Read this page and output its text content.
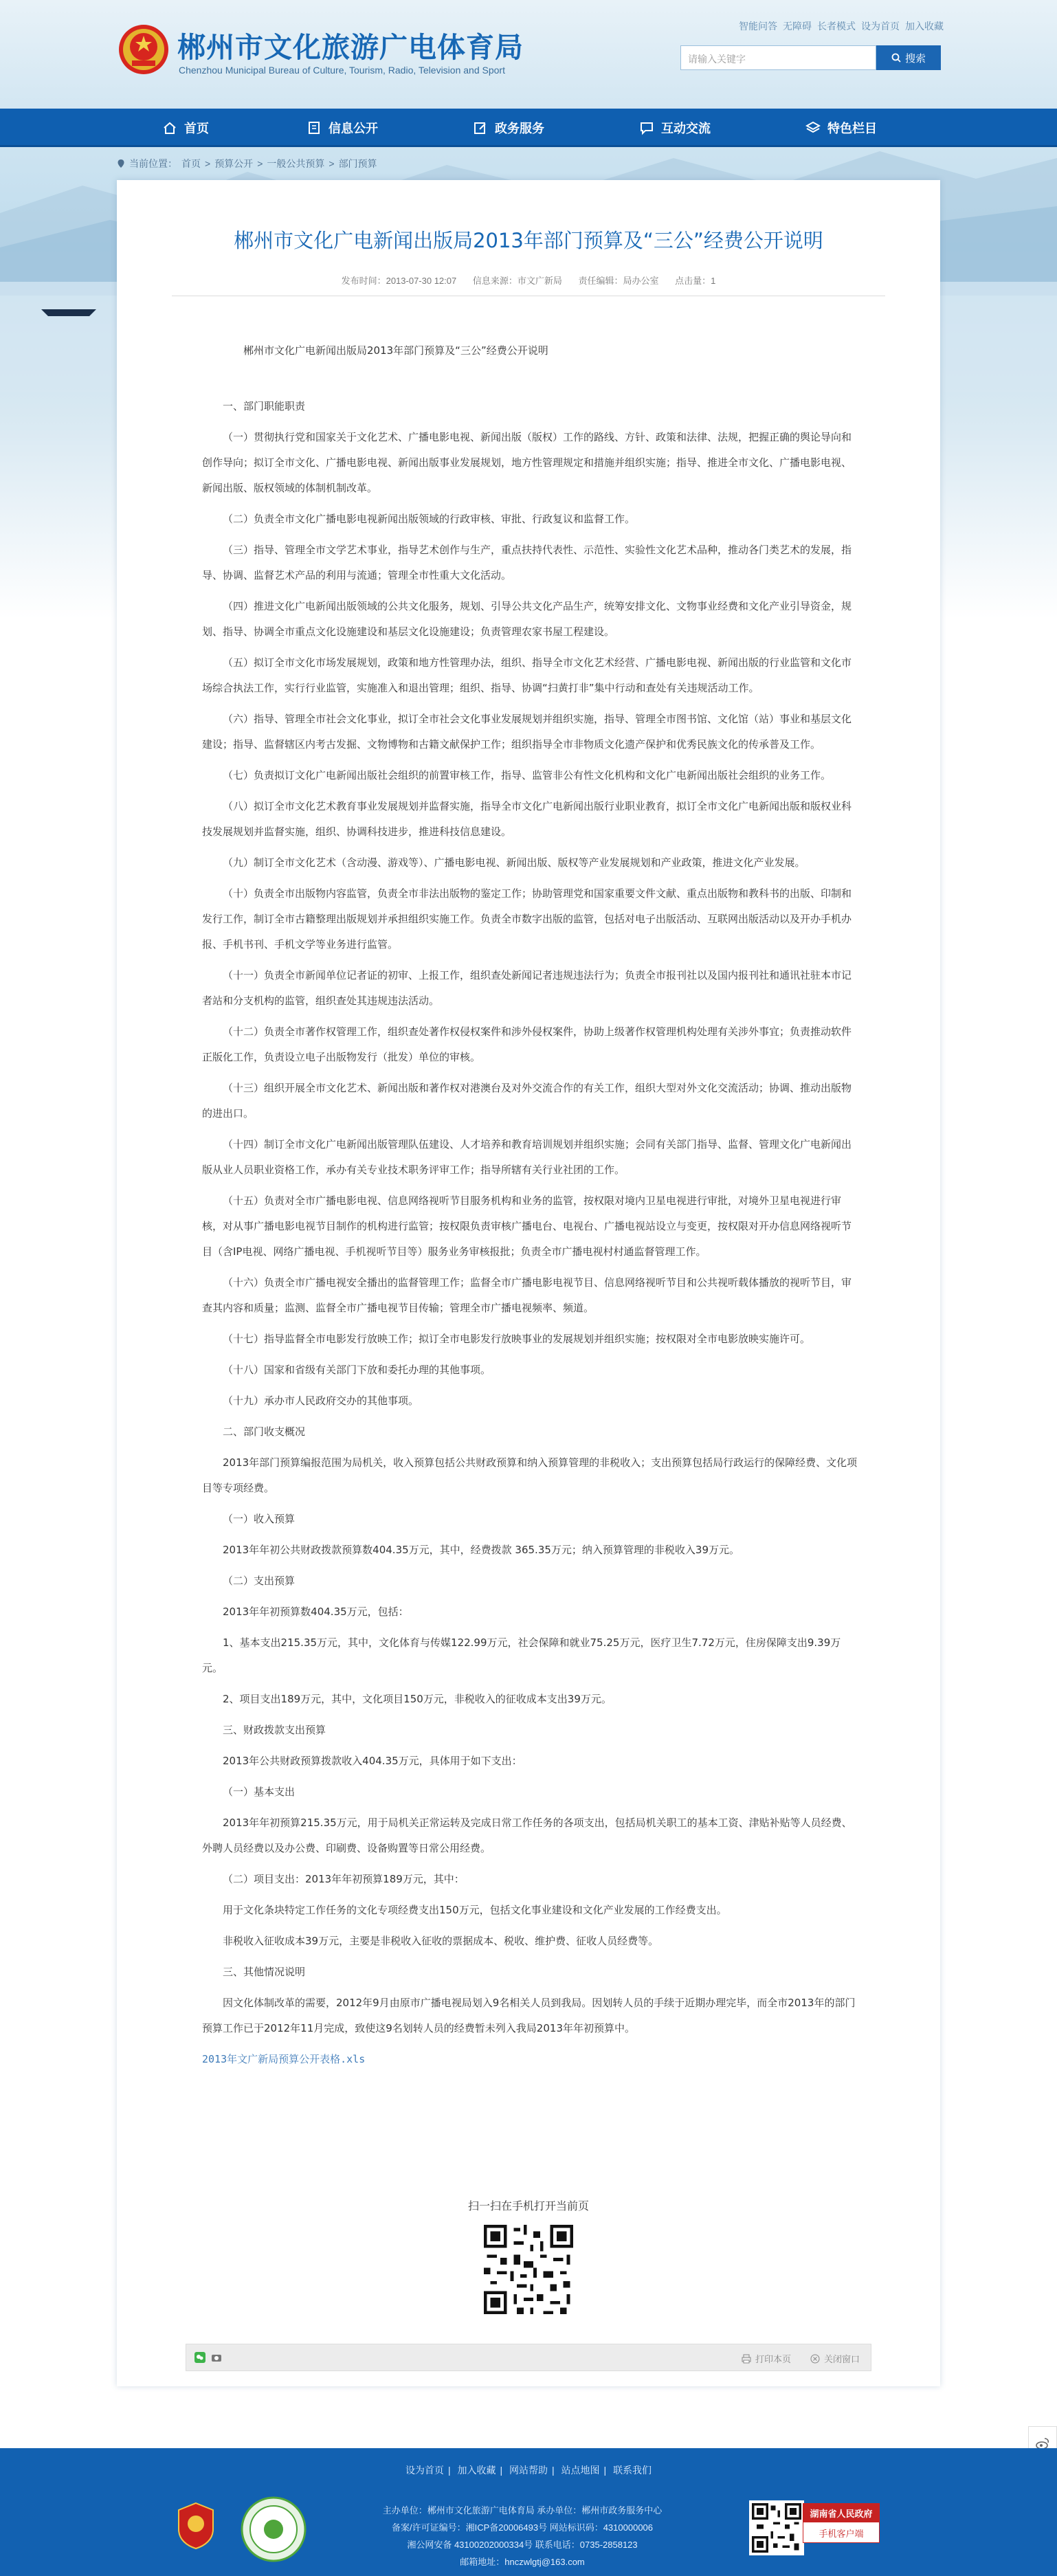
郴州市文化旅游广电体育局
Chenzhou Municipal Bureau of Culture, Tourism, Radio, Television and Sport
智能问答 无障碍 长者模式 设为首页 加入收藏
请输入关键字	搜索
首页	信息公开	政务服务	互动交流	特色栏目
当前位置： 首页 > 预算公开 > 一般公共预算 > 部门预算
郴州市文化广电新闻出版局2013年部门预算及“三公”经费公开说明
发布时间：2013-07-30 12:07 信息来源：市文广新局 责任编辑：局办公室 点击量：1

郴州市文化广电新闻出版局2013年部门预算及“三公”经费公开说明

一、部门职能职责

（一）贯彻执行党和国家关于文化艺术、广播电影电视、新闻出版（版权）工作的路线、方针、政策和法律、法规，把握正确的舆论导向和创作导向；拟订全市文化、广播电影电视、新闻出版事业发展规划，地方性管理规定和措施并组织实施；指导、推进全市文化、广播电影电视、新闻出版、版权领域的体制机制改革。

（二）负责全市文化广播电影电视新闻出版领域的行政审核、审批、行政复议和监督工作。

（三）指导、管理全市文学艺术事业，指导艺术创作与生产，重点扶持代表性、示范性、实验性文化艺术品种，推动各门类艺术的发展，指导、协调、监督艺术产品的利用与流通；管理全市性重大文化活动。

（四）推进文化广电新闻出版领域的公共文化服务，规划、引导公共文化产品生产，统筹安排文化、文物事业经费和文化产业引导资金，规划、指导、协调全市重点文化设施建设和基层文化设施建设；负责管理农家书屋工程建设。

（五）拟订全市文化市场发展规划，政策和地方性管理办法，组织、指导全市文化艺术经营、广播电影电视、新闻出版的行业监管和文化市场综合执法工作，实行行业监管，实施准入和退出管理；组织、指导、协调“扫黄打非”集中行动和查处有关违规活动工作。

（六）指导、管理全市社会文化事业，拟订全市社会文化事业发展规划并组织实施，指导、管理全市图书馆、文化馆（站）事业和基层文化建设；指导、监督辖区内考古发掘、文物博物和古籍文献保护工作；组织指导全市非物质文化遗产保护和优秀民族文化的传承普及工作。

（七）负责拟订文化广电新闻出版社会组织的前置审核工作，指导、监管非公有性文化机构和文化广电新闻出版社会组织的业务工作。

（八）拟订全市文化艺术教育事业发展规划并监督实施，指导全市文化广电新闻出版行业职业教育，拟订全市文化广电新闻出版和版权业科技发展规划并监督实施，组织、协调科技进步，推进科技信息建设。

（九）制订全市文化艺术（含动漫、游戏等）、广播电影电视、新闻出版、版权等产业发展规划和产业政策，推进文化产业发展。

（十）负责全市出版物内容监管，负责全市非法出版物的鉴定工作；协助管理党和国家重要文件文献、重点出版物和教科书的出版、印制和发行工作，制订全市古籍整理出版规划并承担组织实施工作。负责全市数字出版的监管，包括对电子出版活动、互联网出版活动以及开办手机办报、手机书刊、手机文学等业务进行监管。

（十一）负责全市新闻单位记者证的初审、上报工作，组织查处新闻记者违规违法行为；负责全市报刊社以及国内报刊社和通讯社驻本市记者站和分支机构的监管，组织查处其违规违法活动。

（十二）负责全市著作权管理工作，组织查处著作权侵权案件和涉外侵权案件，协助上级著作权管理机构处理有关涉外事宜；负责推动软件正版化工作，负责设立电子出版物发行（批发）单位的审核。

（十三）组织开展全市文化艺术、新闻出版和著作权对港澳台及对外交流合作的有关工作，组织大型对外文化交流活动；协调、推动出版物的进出口。

（十四）制订全市文化广电新闻出版管理队伍建设、人才培养和教育培训规划并组织实施；会同有关部门指导、监督、管理文化广电新闻出版从业人员职业资格工作，承办有关专业技术职务评审工作；指导所辖有关行业社团的工作。

（十五）负责对全市广播电影电视、信息网络视听节目服务机构和业务的监管，按权限对境内卫星电视进行审批，对境外卫星电视进行审核，对从事广播电影电视节目制作的机构进行监管；按权限负责审核广播电台、电视台、广播电视站设立与变更，按权限对开办信息网络视听节目（含IP电视、网络广播电视、手机视听节目等）服务业务审核报批；负责全市广播电视村村通监督管理工作。

（十六）负责全市广播电视安全播出的监督管理工作；监督全市广播电影电视节目、信息网络视听节目和公共视听载体播放的视听节目，审查其内容和质量；监测、监督全市广播电视节目传输；管理全市广播电视频率、频道。

（十七）指导监督全市电影发行放映工作；拟订全市电影发行放映事业的发展规划并组织实施；按权限对全市电影放映实施许可。

（十八）国家和省级有关部门下放和委托办理的其他事项。

（十九）承办市人民政府交办的其他事项。

二、部门收支概况

2013年部门预算编报范围为局机关，收入预算包括公共财政预算和纳入预算管理的非税收入；支出预算包括局行政运行的保障经费、文化项目等专项经费。

（一）收入预算

2013年年初公共财政拨款预算数404.35万元，其中，经费拨款 365.35万元；纳入预算管理的非税收入39万元。

（二）支出预算

2013年年初预算数404.35万元，包括：

1、基本支出215.35万元，其中，文化体育与传媒122.99万元，社会保障和就业75.25万元，医疗卫生7.72万元，住房保障支出9.39万元。

2、项目支出189万元，其中，文化项目150万元，非税收入的征收成本支出39万元。

三、财政拨款支出预算

2013年公共财政预算拨款收入404.35万元，具体用于如下支出：

（一）基本支出

2013年年初预算215.35万元，用于局机关正常运转及完成日常工作任务的各项支出，包括局机关职工的基本工资、津贴补贴等人员经费、外聘人员经费以及办公费、印刷费、设备购置等日常公用经费。

（二）项目支出：2013年年初预算189万元，其中：

用于文化条块特定工作任务的文化专项经费支出150万元，包括文化事业建设和文化产业发展的工作经费支出。

非税收入征收成本39万元，主要是非税收入征收的票据成本、税收、维护费、征收人员经费等。

三、其他情况说明

因文化体制改革的需要，2012年9月由原市广播电视局划入9名相关人员到我局。因划转人员的手续于近期办理完毕，而全市2013年的部门预算工作已于2012年11月完成，致使这9名划转人员的经费暂未列入我局2013年年初预算中。

2013年文广新局预算公开表格.xls

扫一扫在手机打开当前页
打印本页	关闭窗口
设为首页 | 加入收藏 | 网站帮助 | 站点地图 | 联系我们
主办单位：郴州市文化旅游广电体育局 承办单位：郴州市政务服务中心
备案/许可证编号：湘ICP备20006493号 网站标识码：4310000006
湘公网安备 43100202000334号 联系电话：0735-2858123
邮箱地址：hnczwlgtj@163.com
湖南省人民政府
手机客户端
